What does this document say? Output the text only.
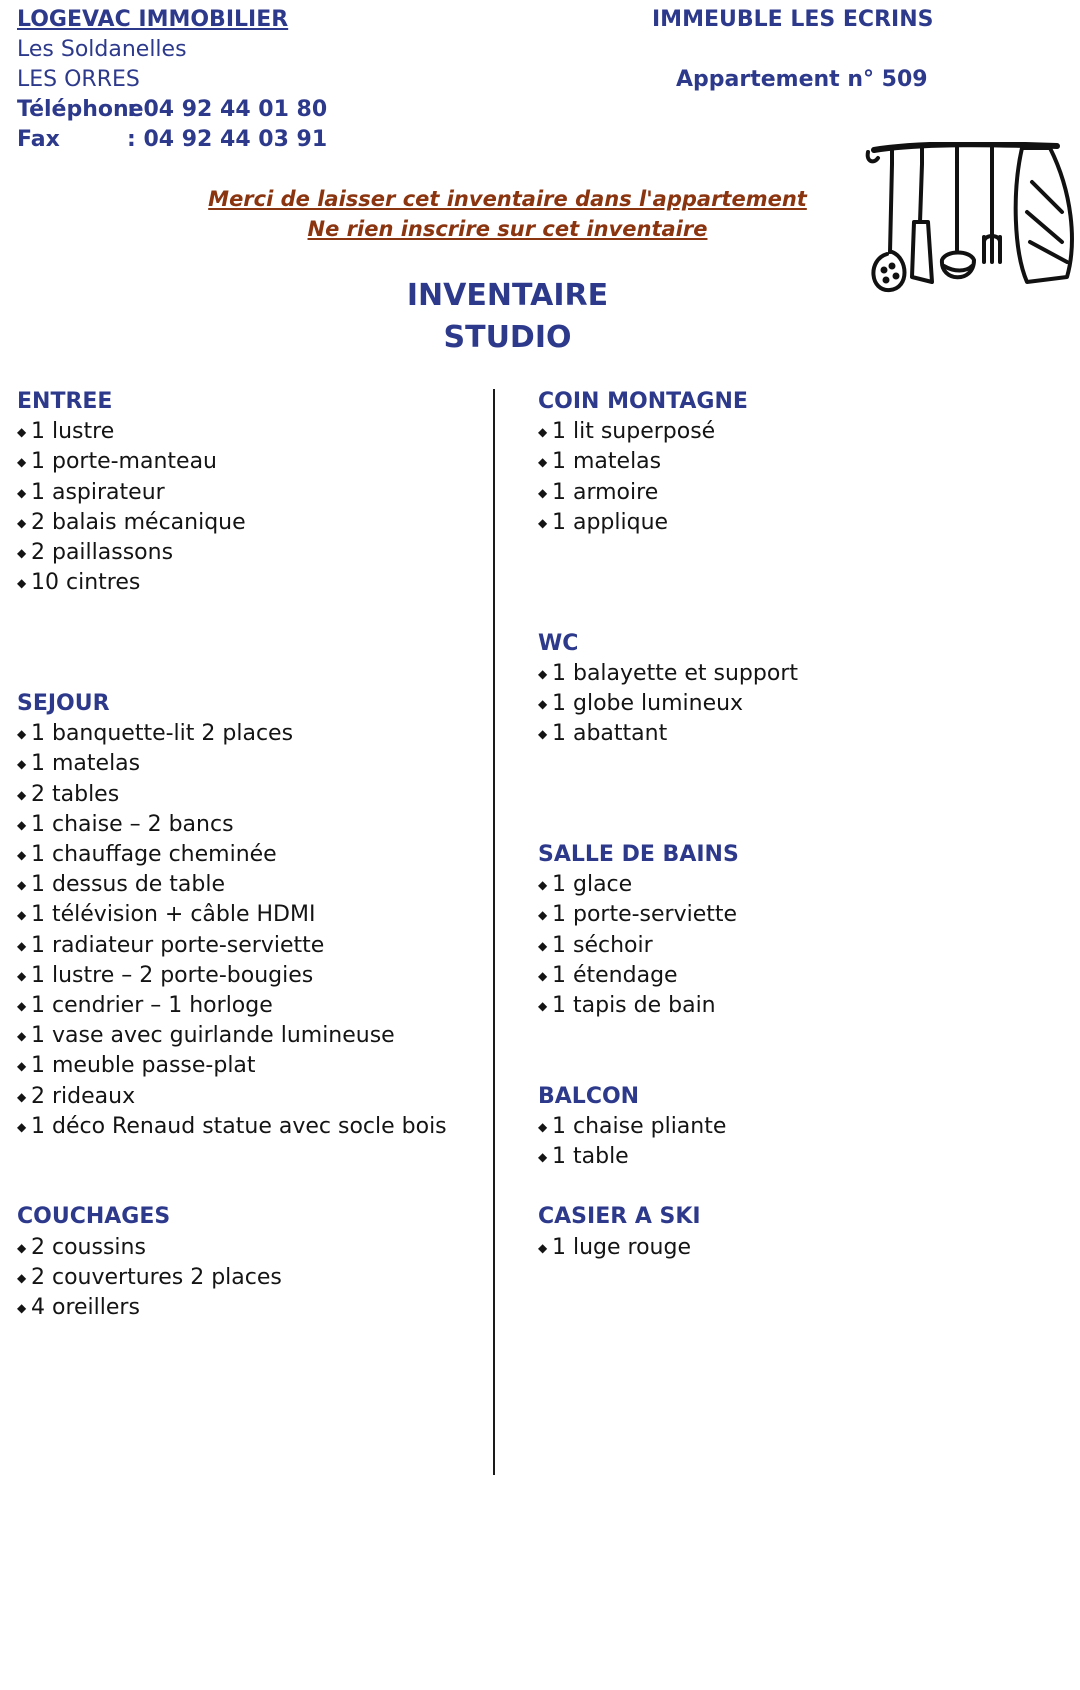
LOGEVAC IMMOBILIER
Les Soldanelles
LES ORRES
Téléphone
: 04 92 44 01 80
Fax	: 04 92 44 03 91
IMMEUBLE LES ECRINS
Appartement n° 509
Merci de laisser cet inventaire dans l'appartement
Ne rien inscrire sur cet inventaire
INVENTAIRE
STUDIO
ENTREE
◆ 1 lustre
◆ 1 porte-manteau
◆ 1 aspirateur
◆ 2 balais mécanique
◆ 2 paillassons
◆ 10 cintres
SEJOUR
◆ 1 banquette-lit 2 places
◆ 1 matelas
◆ 2 tables
◆ 1 chaise – 2 bancs
◆ 1 chauffage cheminée
◆ 1 dessus de table
◆ 1 télévision + câble HDMI
◆ 1 radiateur porte-serviette
◆ 1 lustre – 2 porte-bougies
◆ 1 cendrier – 1 horloge
◆ 1 vase avec guirlande lumineuse
◆ 1 meuble passe-plat
◆ 2 rideaux
◆ 1 déco Renaud statue avec socle bois
COUCHAGES
◆ 2 coussins
◆ 2 couvertures 2 places
◆ 4 oreillers
COIN MONTAGNE
◆ 1 lit superposé
◆ 1 matelas
◆ 1 armoire
◆ 1 applique
WC
◆ 1 balayette et support
◆ 1 globe lumineux
◆ 1 abattant
SALLE DE BAINS
◆ 1 glace
◆ 1 porte-serviette
◆ 1 séchoir
◆ 1 étendage
◆ 1 tapis de bain
BALCON
◆ 1 chaise pliante
◆ 1 table
CASIER A SKI
◆ 1 luge rouge
